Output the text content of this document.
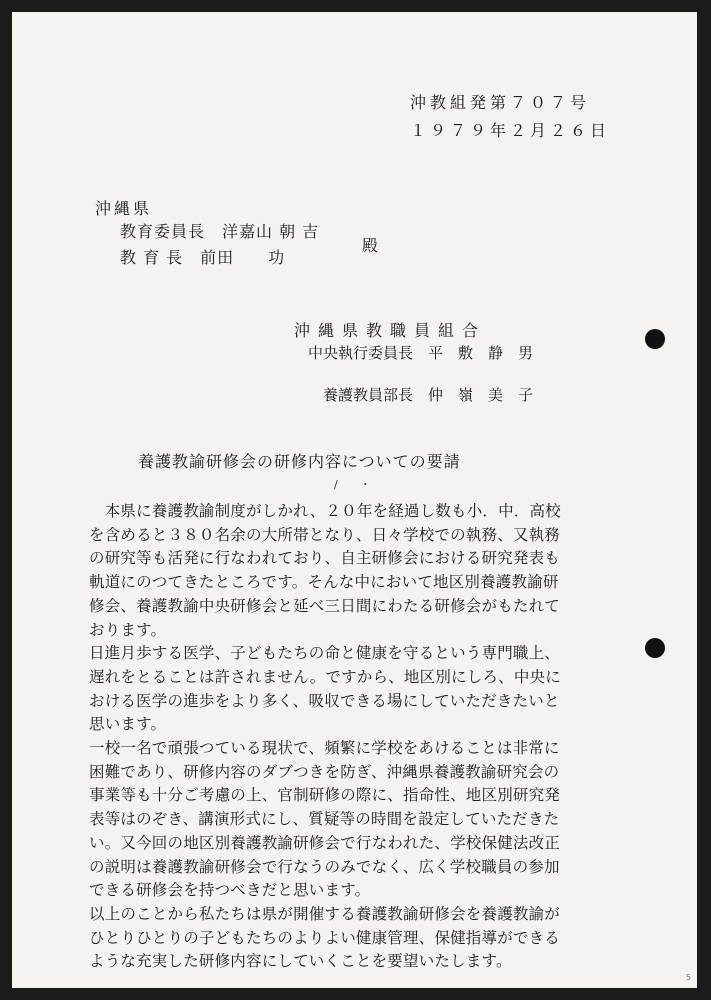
沖教組発第７０７号
１９７９年２月２６日
沖縄県
教育委員長　洋嘉山 朝 吉
教 育 長　前田　　功
殿
沖縄県教職員組合
中央執行委員長　平　敷　静　男
養護教員部長　仲　嶺　美　子
養護教諭研修会の研修内容についての要請
/　　・
　本県に養護教諭制度がしかれ、２０年を経過し数も小．中．高校
を含めると３８０名余の大所帯となり、日々学校での執務、又執務
の研究等も活発に行なわれており、自主研修会における研究発表も
軌道にのつてきたところです。そんな中において地区別養護教諭研
修会、養護教諭中央研修会と延べ三日間にわたる研修会がもたれて
おります。
日進月歩する医学、子どもたちの命と健康を守るという専門職上、
遅れをとることは許されません。ですから、地区別にしろ、中央に
おける医学の進歩をより多く、吸収できる場にしていただきたいと
思います。
一校一名で頑張つている現状で、頻繁に学校をあけることは非常に
困難であり、研修内容のダブつきを防ぎ、沖縄県養護教諭研究会の
事業等も十分ご考慮の上、官制研修の際に、指命性、地区別研究発
表等はのぞき、講演形式にし、質疑等の時間を設定していただきた
い。又今回の地区別養護教諭研修会で行なわれた、学校保健法改正
の説明は養護教諭研修会で行なうのみでなく、広く学校職員の参加
できる研修会を持つべきだと思います。
以上のことから私たちは県が開催する養護教諭研修会を養護教諭が
ひとりひとりの子どもたちのよりよい健康管理、保健指導ができる
ような充実した研修内容にしていくことを要望いたします。
5
